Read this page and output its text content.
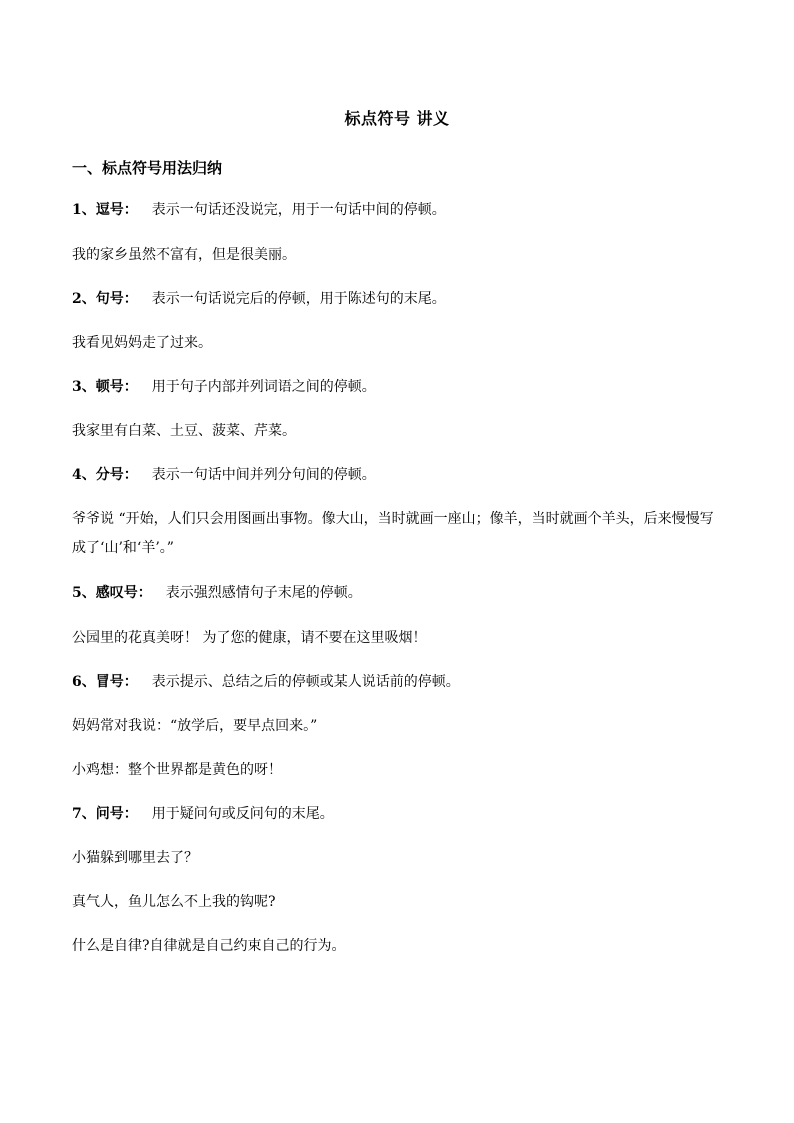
标点符号 讲义
一、标点符号用法归纳
1、逗号： 表示一句话还没说完，用于一句话中间的停顿。
我的家乡虽然不富有，但是很美丽。
2、句号： 表示一句话说完后的停顿，用于陈述句的末尾。
我看见妈妈走了过来。
3、顿号： 用于句子内部并列词语之间的停顿。
我家里有白菜、土豆、菠菜、芹菜。
4、分号： 表示一句话中间并列分句间的停顿。
爷爷说 “开始，人们只会用图画出事物。像大山，当时就画一座山；像羊，当时就画个羊头，后来慢慢写成了‘山’和‘羊’。”
5、感叹号： 表示强烈感情句子末尾的停顿。
公园里的花真美呀！ 为了您的健康，请不要在这里吸烟！
6、冒号： 表示提示、总结之后的停顿或某人说话前的停顿。
妈妈常对我说：“放学后，要早点回来。”
小鸡想：整个世界都是黄色的呀！
7、问号： 用于疑问句或反问句的末尾。
小猫躲到哪里去了？
真气人，鱼儿怎么不上我的钩呢?
什么是自律?自律就是自己约束自己的行为。
